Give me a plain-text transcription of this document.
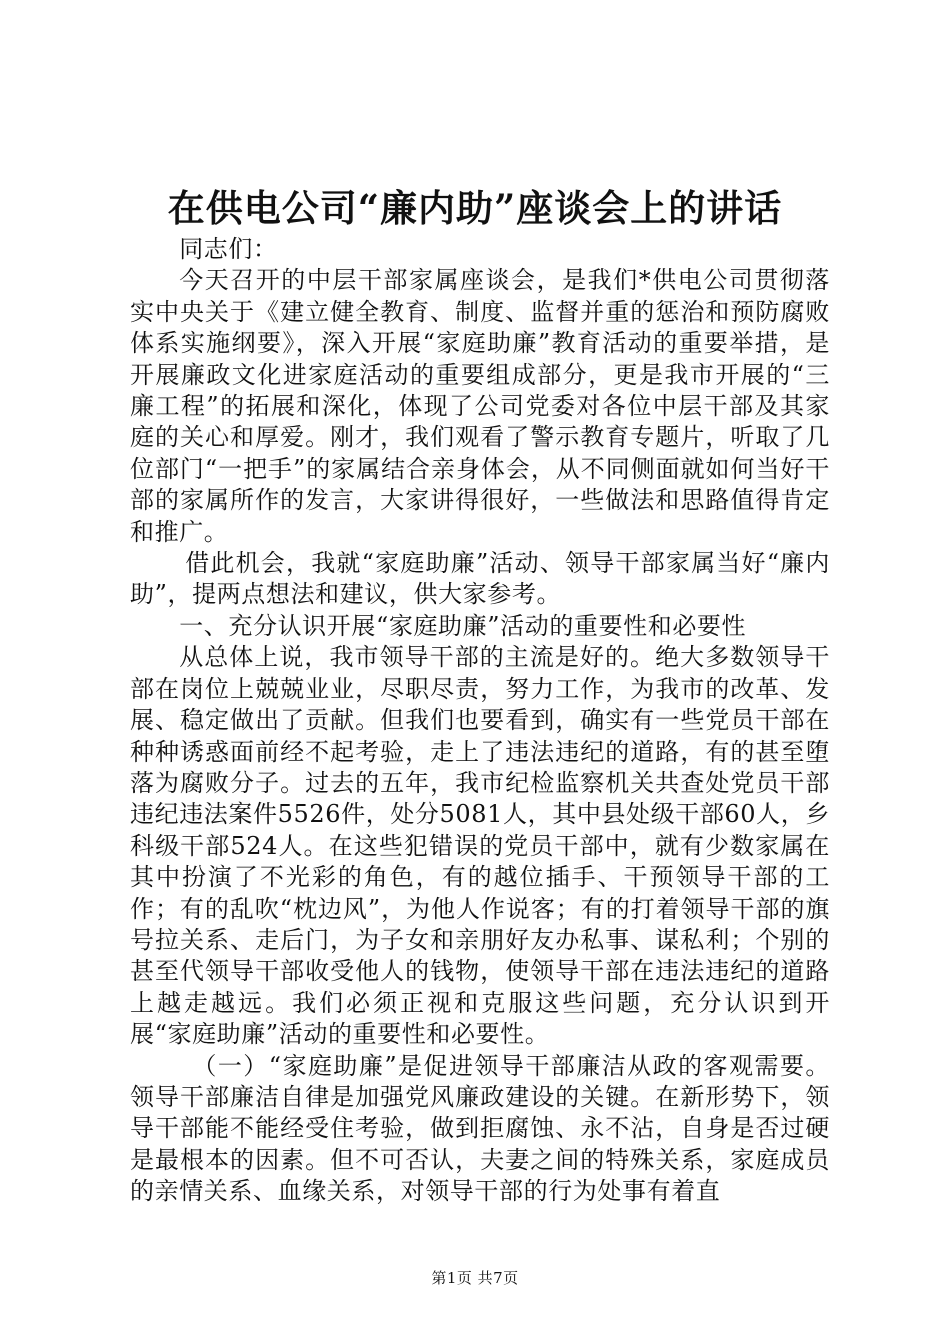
在供电公司“廉内助”座谈会上的讲话

同志们：

今天召开的中层干部家属座谈会，是我们*供电公司贯彻落实中央关于《建立健全教育、制度、监督并重的惩治和预防腐败体系实施纲要》，深入开展“家庭助廉”教育活动的重要举措，是开展廉政文化进家庭活动的重要组成部分，更是我市开展的“三廉工程”的拓展和深化，体现了公司党委对各位中层干部及其家庭的关心和厚爱。刚才，我们观看了警示教育专题片，听取了几位部门“一把手”的家属结合亲身体会，从不同侧面就如何当好干部的家属所作的发言，大家讲得很好，一些做法和思路值得肯定和推广。

借此机会，我就“家庭助廉”活动、领导干部家属当好“廉内助”，提两点想法和建议，供大家参考。

一、充分认识开展“家庭助廉”活动的重要性和必要性

从总体上说，我市领导干部的主流是好的。绝大多数领导干部在岗位上兢兢业业，尽职尽责，努力工作，为我市的改革、发展、稳定做出了贡献。但我们也要看到，确实有一些党员干部在种种诱惑面前经不起考验，走上了违法违纪的道路，有的甚至堕落为腐败分子。过去的五年，我市纪检监察机关共查处党员干部违纪违法案件5526件，处分5081人，其中县处级干部60人，乡科级干部524人。在这些犯错误的党员干部中，就有少数家属在其中扮演了不光彩的角色，有的越位插手、干预领导干部的工作；有的乱吹“枕边风”，为他人作说客；有的打着领导干部的旗号拉关系、走后门，为子女和亲朋好友办私事、谋私利；个别的甚至代领导干部收受他人的钱物，使领导干部在违法违纪的道路上越走越远。我们必须正视和克服这些问题，充分认识到开展“家庭助廉”活动的重要性和必要性。

（一）“家庭助廉”是促进领导干部廉洁从政的客观需要。领导干部廉洁自律是加强党风廉政建设的关键。在新形势下，领导干部能不能经受住考验，做到拒腐蚀、永不沾，自身是否过硬是最根本的因素。但不可否认，夫妻之间的特殊关系，家庭成员的亲情关系、血缘关系，对领导干部的行为处事有着直

第1页 共7页
